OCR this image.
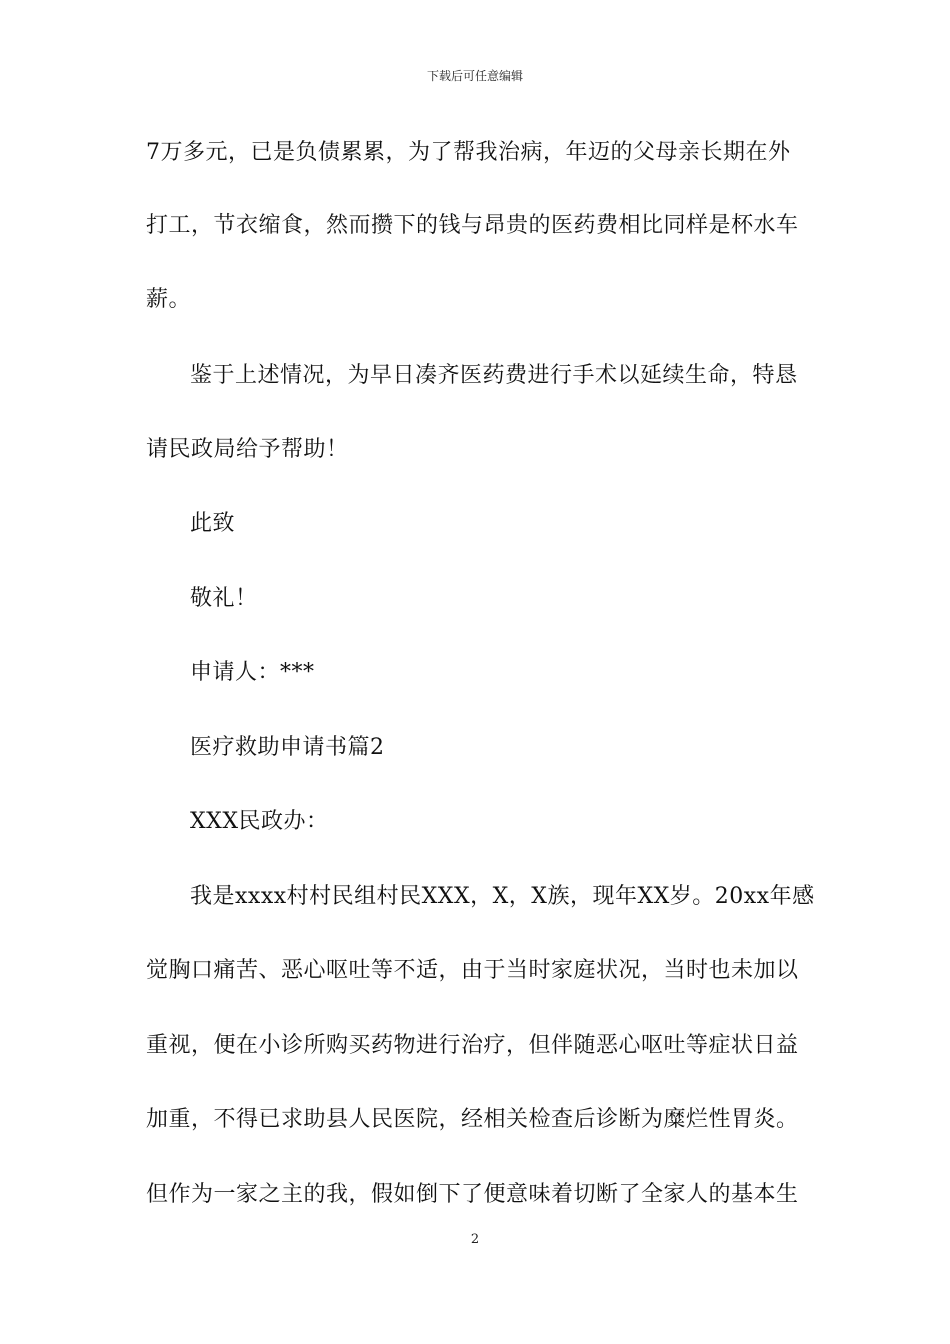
下载后可任意编辑
7万多元，已是负债累累，为了帮我治病，年迈的父母亲长期在外
打工，节衣缩食，然而攒下的钱与昂贵的医药费相比同样是杯水车
薪。
鉴于上述情况，为早日凑齐医药费进行手术以延续生命，特恳
请民政局给予帮助！
此致
敬礼！
申请人：***
医疗救助申请书篇2
XXX民政办：
我是xxxx村村民组村民XXX，X，X族，现年XX岁。20xx年感
觉胸口痛苦、恶心呕吐等不适，由于当时家庭状况，当时也未加以
重视，便在小诊所购买药物进行治疗，但伴随恶心呕吐等症状日益
加重，不得已求助县人民医院，经相关检查后诊断为糜烂性胃炎。
但作为一家之主的我，假如倒下了便意味着切断了全家人的基本生
2
